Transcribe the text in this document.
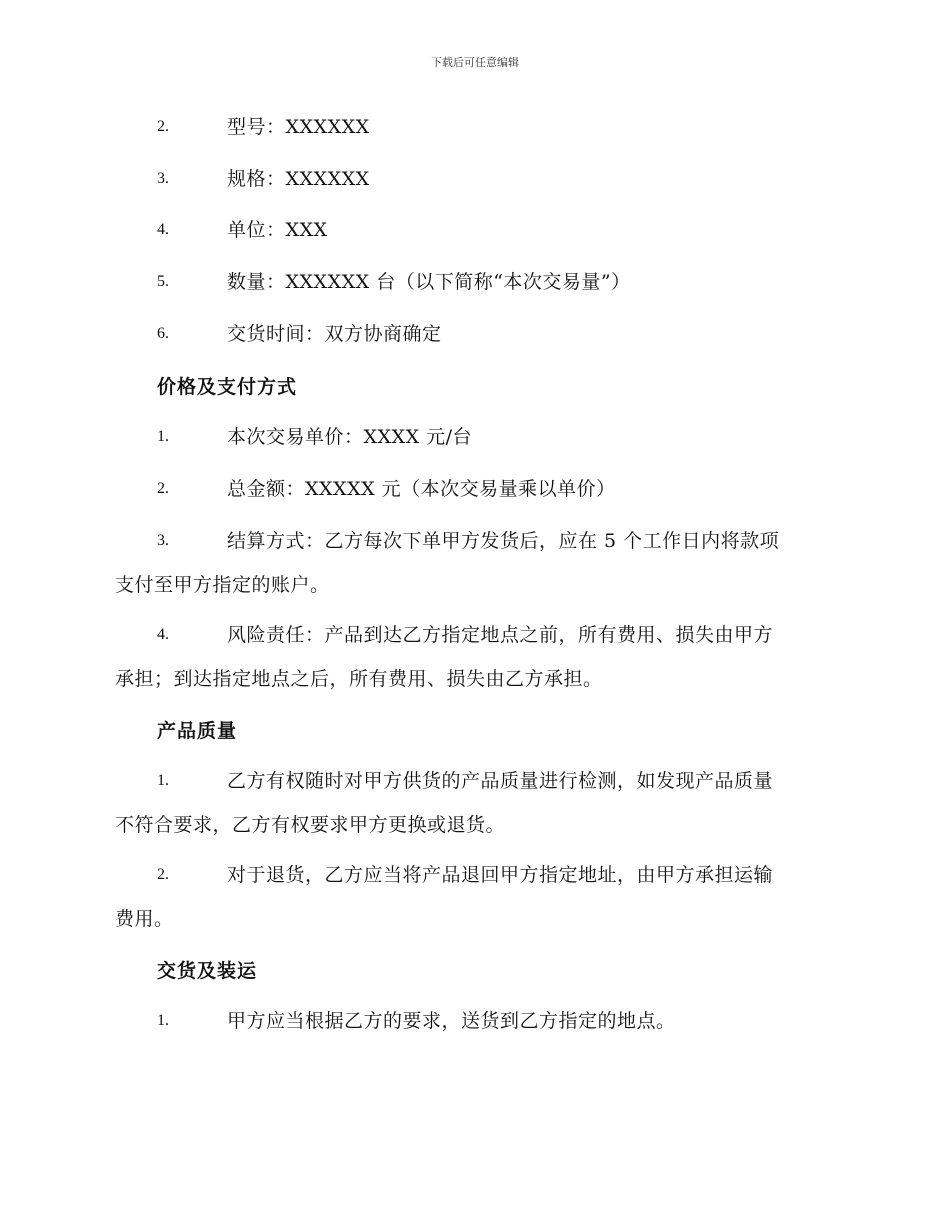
下载后可任意编辑
2.	型号：XXXXXX
3.	规格：XXXXXX
4.	单位：XXX
5.	数量：XXXXXX 台（以下简称“本次交易量”）
6.	交货时间：双方协商确定
价格及支付方式
1.	本次交易单价：XXXX 元/台
2.	总金额：XXXXX 元（本次交易量乘以单价）
3.	结算方式：乙方每次下单甲方发货后，应在 5 个工作日内将款项
支付至甲方指定的账户。
4.	风险责任：产品到达乙方指定地点之前，所有费用、损失由甲方
承担；到达指定地点之后，所有费用、损失由乙方承担。
产品质量
1.	乙方有权随时对甲方供货的产品质量进行检测，如发现产品质量
不符合要求，乙方有权要求甲方更换或退货。
2.	对于退货，乙方应当将产品退回甲方指定地址，由甲方承担运输
费用。
交货及装运
1.	甲方应当根据乙方的要求，送货到乙方指定的地点。
